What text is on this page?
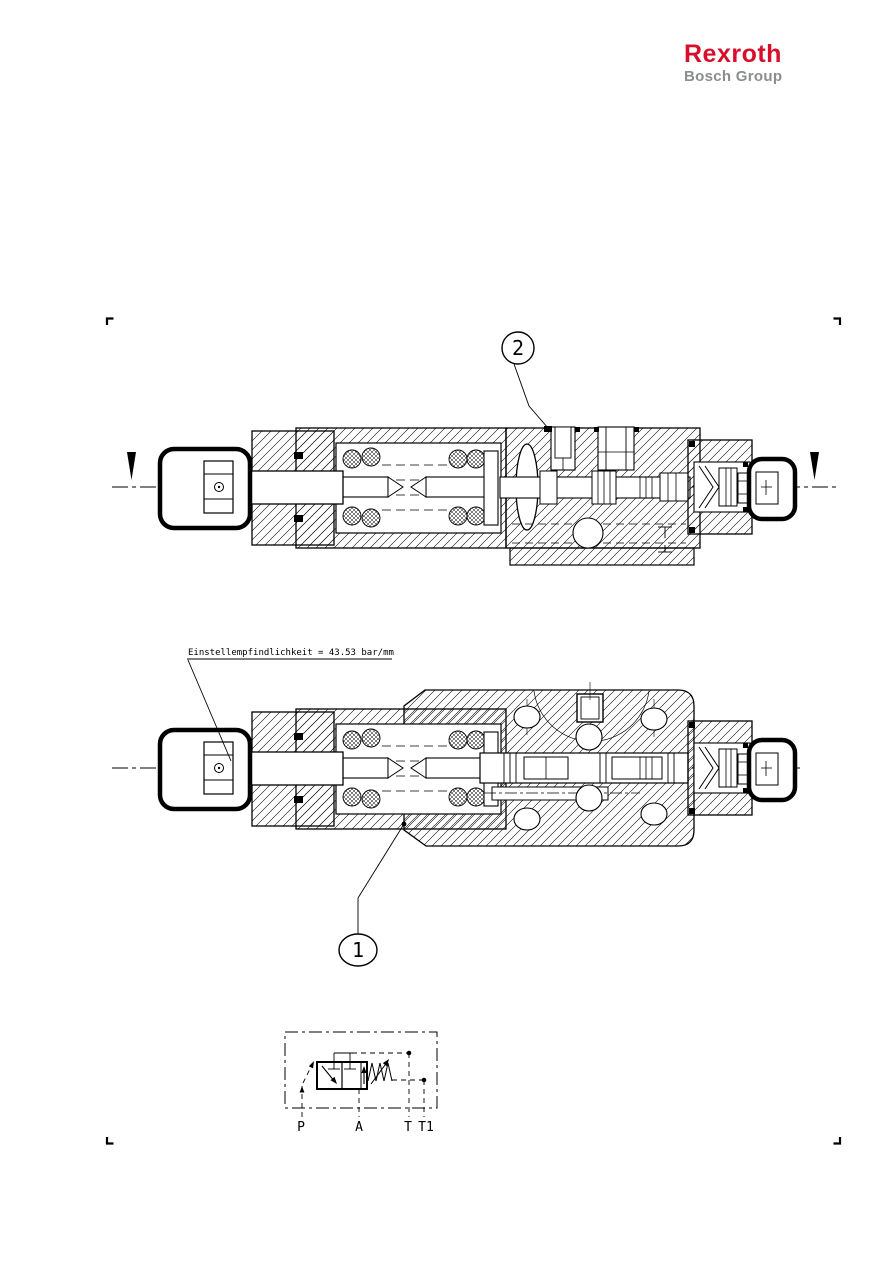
Rexroth
Bosch Group
2
1
Einstellempfindlichkeit = 43.53 bar/mm
P	A	T T1
